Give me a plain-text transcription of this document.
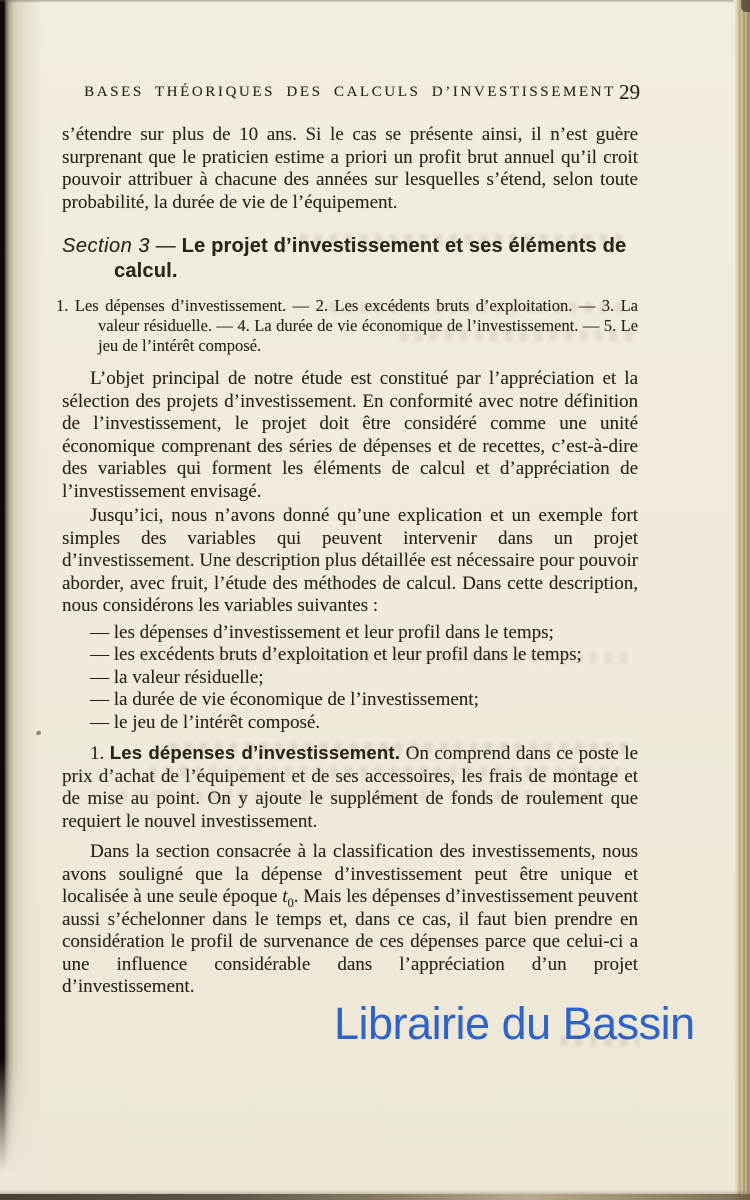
BASES THÉORIQUES DES CALCULS D’INVESTISSEMENT 29

s’étendre sur plus de 10 ans. Si le cas se présente ainsi, il n’est guère surprenant que le praticien estime a priori un profit brut annuel qu’il croit pouvoir attribuer à chacune des années sur lesquelles s’étend, selon toute probabilité, la durée de vie de l’équipement.

Section 3 — Le projet d’investissement et ses éléments de calcul.

1. Les dépenses d’investissement. — 2. Les excédents bruts d’exploitation. — 3. La valeur résiduelle. — 4. La durée de vie économique de l’investissement. — 5. Le jeu de l’intérêt composé.

L’objet principal de notre étude est constitué par l’appréciation et la sélection des projets d’investissement. En conformité avec notre définition de l’investissement, le projet doit être considéré comme une unité économique comprenant des séries de dépenses et de recettes, c’est-à-dire des variables qui forment les éléments de calcul et d’appréciation de l’investissement envisagé.

Jusqu’ici, nous n’avons donné qu’une explication et un exemple fort simples des variables qui peuvent intervenir dans un projet d’investissement. Une description plus détaillée est nécessaire pour pouvoir aborder, avec fruit, l’étude des méthodes de calcul. Dans cette description, nous considérons les variables suivantes :

— les dépenses d’investissement et leur profil dans le temps;

— les excédents bruts d’exploitation et leur profil dans le temps;

— la valeur résiduelle;

— la durée de vie économique de l’investissement;

— le jeu de l’intérêt composé.

1. Les dépenses d’investissement. On comprend dans ce poste le prix d’achat de l’équipement et de ses accessoires, les frais de montage et de mise au point. On y ajoute le supplément de fonds de roulement que requiert le nouvel investissement.

Dans la section consacrée à la classification des investissements, nous avons souligné que la dépense d’investissement peut être unique et localisée à une seule époque $t_0$. Mais les dépenses d’investissement peuvent aussi s’échelonner dans le temps et, dans ce cas, il faut bien prendre en considération le profil de survenance de ces dépenses parce que celui-ci a une influence considérable dans l’appréciation d’un projet d’investissement.

Librairie du Bassin
